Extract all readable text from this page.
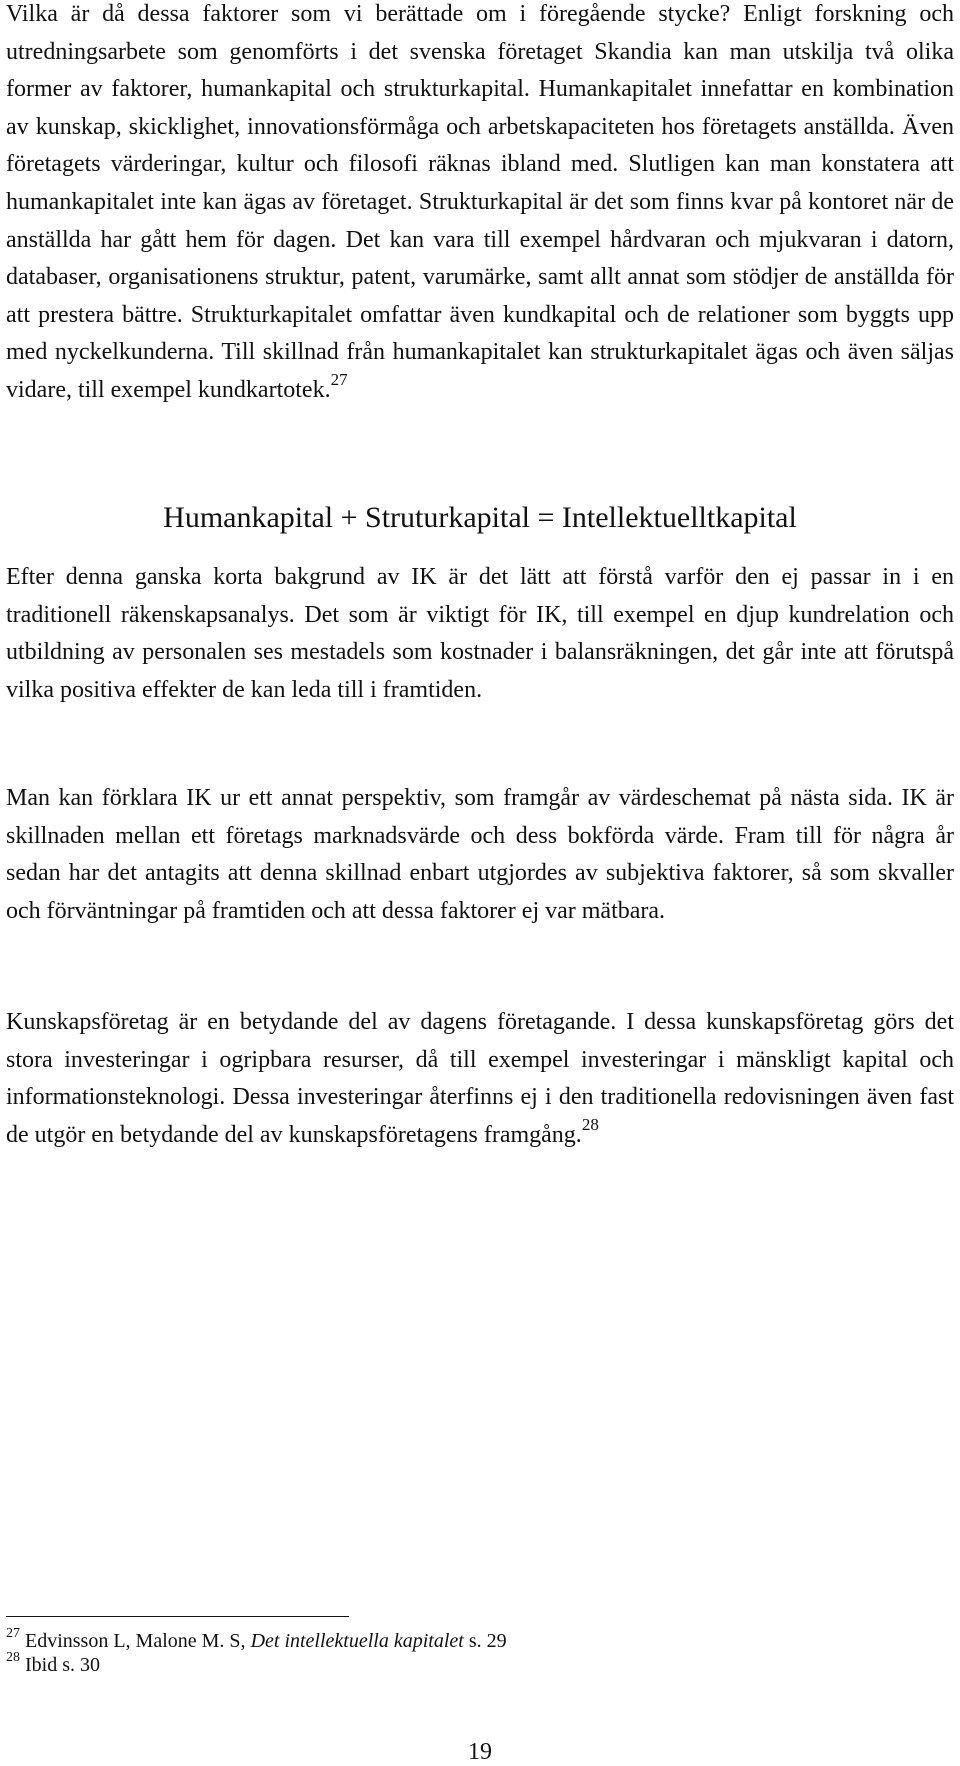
Vilka är då dessa faktorer som vi berättade om i föregående stycke? Enligt forskning och utredningsarbete som genomförts i det svenska företaget Skandia kan man utskilja två olika former av faktorer, humankapital och strukturkapital. Humankapitalet innefattar en kombination av kunskap, skicklighet, innovationsförmåga och arbetskapaciteten hos företagets anställda. Även företagets värderingar, kultur och filosofi räknas ibland med. Slutligen kan man konstatera att humankapitalet inte kan ägas av företaget. Strukturkapital är det som finns kvar på kontoret när de anställda har gått hem för dagen. Det kan vara till exempel hårdvaran och mjukvaran i datorn, databaser, organisationens struktur, patent, varumärke, samt allt annat som stödjer de anställda för att prestera bättre. Strukturkapitalet omfattar även kundkapital och de relationer som byggts upp med nyckelkunderna. Till skillnad från humankapitalet kan strukturkapitalet ägas och även säljas vidare, till exempel kundkartotek.$^{27}$

Humankapital + Struturkapital = Intellektuelltkapital

Efter denna ganska korta bakgrund av IK är det lätt att förstå varför den ej passar in i en traditionell räkenskapsanalys. Det som är viktigt för IK, till exempel en djup kundrelation och utbildning av personalen ses mestadels som kostnader i balansräkningen, det går inte att förutspå vilka positiva effekter de kan leda till i framtiden.

Man kan förklara IK ur ett annat perspektiv, som framgår av värdeschemat på nästa sida. IK är skillnaden mellan ett företags marknadsvärde och dess bokförda värde. Fram till för några år sedan har det antagits att denna skillnad enbart utgjordes av subjektiva faktorer, så som skvaller och förväntningar på framtiden och att dessa faktorer ej var mätbara.

Kunskapsföretag är en betydande del av dagens företagande. I dessa kunskapsföretag görs det stora investeringar i ogripbara resurser, då till exempel investeringar i mänskligt kapital och informationsteknologi. Dessa investeringar återfinns ej i den traditionella redovisningen även fast de utgör en betydande del av kunskapsföretagens framgång.$^{28}$

$^{27}$ Edvinsson L, Malone M. S, Det intellektuella kapitalet s. 29

$^{28}$ Ibid s. 30

19
